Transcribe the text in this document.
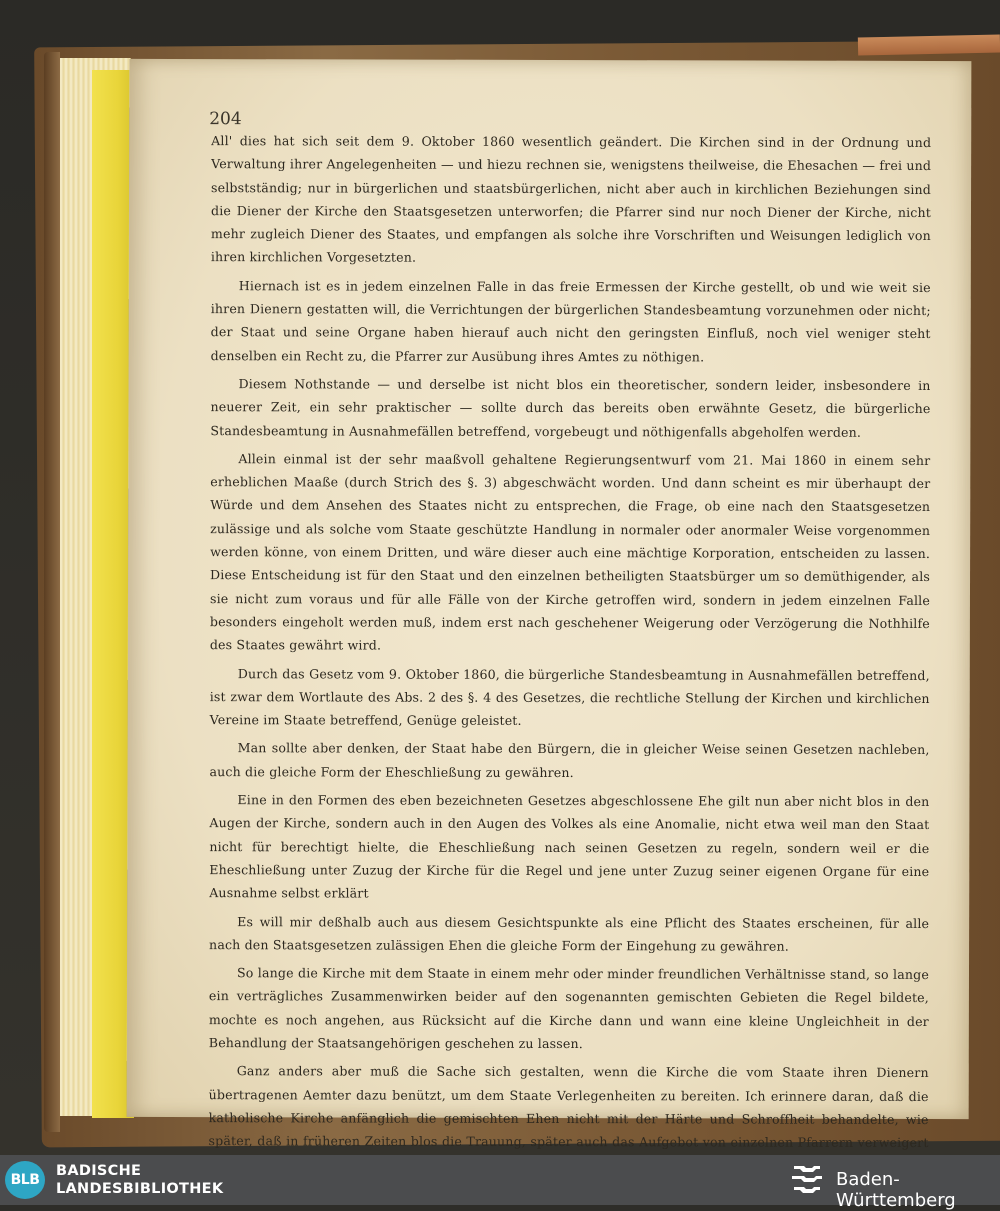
204

All' dies hat sich seit dem 9. Oktober 1860 wesentlich geändert. Die Kirchen sind in der Ordnung und Verwaltung ihrer Angelegenheiten — und hiezu rechnen sie, wenigstens theilweise, die Ehesachen — frei und selbstständig; nur in bürgerlichen und staatsbürgerlichen, nicht aber auch in kirchlichen Beziehungen sind die Diener der Kirche den Staatsgesetzen unterworfen; die Pfarrer sind nur noch Diener der Kirche, nicht mehr zugleich Diener des Staates, und empfangen als solche ihre Vorschriften und Weisungen lediglich von ihren kirchlichen Vorgesetzten.

Hiernach ist es in jedem einzelnen Falle in das freie Ermessen der Kirche gestellt, ob und wie weit sie ihren Dienern gestatten will, die Verrichtungen der bürgerlichen Standesbeamtung vorzunehmen oder nicht; der Staat und seine Organe haben hierauf auch nicht den geringsten Einfluß, noch viel weniger steht denselben ein Recht zu, die Pfarrer zur Ausübung ihres Amtes zu nöthigen.

Diesem Nothstande — und derselbe ist nicht blos ein theoretischer, sondern leider, insbesondere in neuerer Zeit, ein sehr praktischer — sollte durch das bereits oben erwähnte Gesetz, die bürgerliche Standesbeamtung in Ausnahmefällen betreffend, vorgebeugt und nöthigenfalls abgeholfen werden.

Allein einmal ist der sehr maaßvoll gehaltene Regierungsentwurf vom 21. Mai 1860 in einem sehr erheblichen Maaße (durch Strich des §. 3) abgeschwächt worden. Und dann scheint es mir überhaupt der Würde und dem Ansehen des Staates nicht zu entsprechen, die Frage, ob eine nach den Staatsgesetzen zulässige und als solche vom Staate geschützte Handlung in normaler oder anormaler Weise vorgenommen werden könne, von einem Dritten, und wäre dieser auch eine mächtige Korporation, entscheiden zu lassen. Diese Entscheidung ist für den Staat und den einzelnen betheiligten Staatsbürger um so demüthigender, als sie nicht zum voraus und für alle Fälle von der Kirche getroffen wird, sondern in jedem einzelnen Falle besonders eingeholt werden muß, indem erst nach geschehener Weigerung oder Verzögerung die Nothhilfe des Staates gewährt wird.

Durch das Gesetz vom 9. Oktober 1860, die bürgerliche Standesbeamtung in Ausnahmefällen betreffend, ist zwar dem Wortlaute des Abs. 2 des §. 4 des Gesetzes, die rechtliche Stellung der Kirchen und kirchlichen Vereine im Staate betreffend, Genüge geleistet.

Man sollte aber denken, der Staat habe den Bürgern, die in gleicher Weise seinen Gesetzen nachleben, auch die gleiche Form der Eheschließung zu gewähren.

Eine in den Formen des eben bezeichneten Gesetzes abgeschlossene Ehe gilt nun aber nicht blos in den Augen der Kirche, sondern auch in den Augen des Volkes als eine Anomalie, nicht etwa weil man den Staat nicht für berechtigt hielte, die Eheschließung nach seinen Gesetzen zu regeln, sondern weil er die Eheschließung unter Zuzug der Kirche für die Regel und jene unter Zuzug seiner eigenen Organe für eine Ausnahme selbst erklärt

Es will mir deßhalb auch aus diesem Gesichtspunkte als eine Pflicht des Staates erscheinen, für alle nach den Staatsgesetzen zulässigen Ehen die gleiche Form der Eingehung zu gewähren.

So lange die Kirche mit dem Staate in einem mehr oder minder freundlichen Verhältnisse stand, so lange ein verträgliches Zusammenwirken beider auf den sogenannten gemischten Gebieten die Regel bildete, mochte es noch angehen, aus Rücksicht auf die Kirche dann und wann eine kleine Ungleichheit in der Behandlung der Staatsangehörigen geschehen zu lassen.

Ganz anders aber muß die Sache sich gestalten, wenn die Kirche die vom Staate ihren Dienern übertragenen Aemter dazu benützt, um dem Staate Verlegenheiten zu bereiten. Ich erinnere daran, daß die katholische Kirche anfänglich die gemischten Ehen nicht mit der Härte und Schroffheit behandelte, wie später, daß in früheren Zeiten blos die Trauung, später auch das Aufgebot von einzelnen Pfarrern verweigert

BLB
BADISCHE
LANDESBIBLIOTHEK	Baden-Württemberg
